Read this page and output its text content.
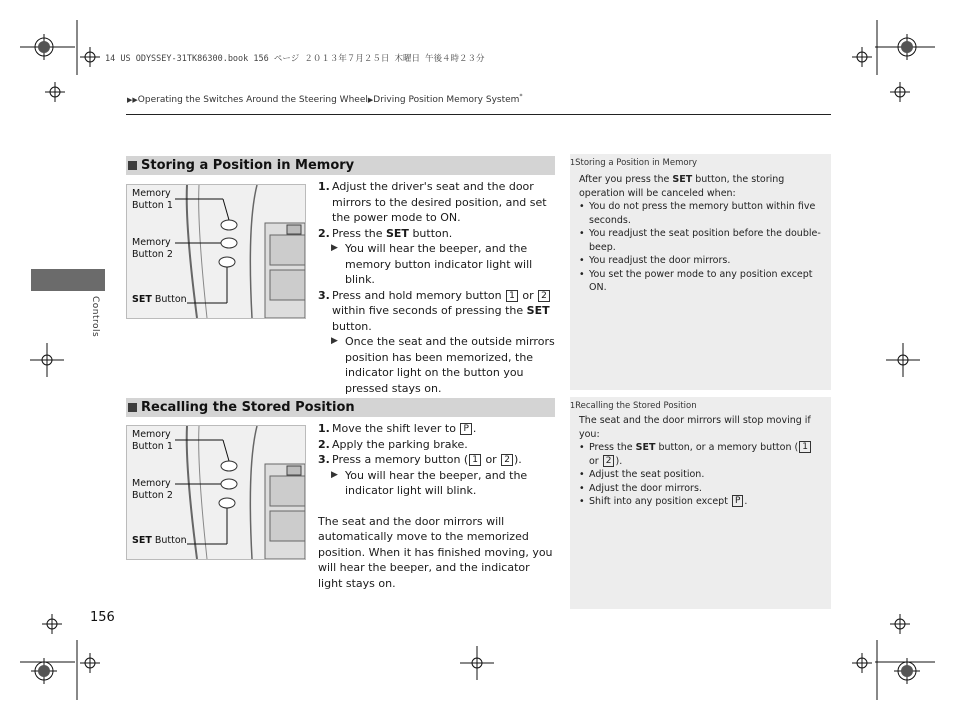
14 US ODYSSEY-31TK86300.book 156 ページ ２０１３年７月２５日 木曜日 午後４時２３分
▶▶Operating the Switches Around the Steering Wheel▶Driving Position Memory System*
Controls
Storing a Position in Memory
Memory
Button 1
Memory
Button 2
SET Button
1. Adjust the driver's seat and the door mirrors to the desired position, and set the power mode to ON.
2. Press the SET button.
▶ You will hear the beeper, and the memory button indicator light will blink.
3. Press and hold memory button 1 or 2 within five seconds of pressing the SET button.
▶ Once the seat and the outside mirrors position has been memorized, the indicator light on the button you pressed stays on.
1Storing a Position in Memory
After you press the SET button, the storing operation will be canceled when:
• You do not press the memory button within five seconds.
• You readjust the seat position before the double-beep.
• You readjust the door mirrors.
• You set the power mode to any position except ON.
Recalling the Stored Position
Memory
Button 1
Memory
Button 2
SET Button
1. Move the shift lever to P .
2. Apply the parking brake.
3. Press a memory button ( 1 or 2 ).
▶ You will hear the beeper, and the indicator light will blink.
The seat and the door mirrors will automatically move to the memorized position. When it has finished moving, you will hear the beeper, and the indicator light stays on.
1Recalling the Stored Position
The seat and the door mirrors will stop moving if you:
• Press the SET button, or a memory button ( 1 or 2 ).
• Adjust the seat position.
• Adjust the door mirrors.
• Shift into any position except P .
156
